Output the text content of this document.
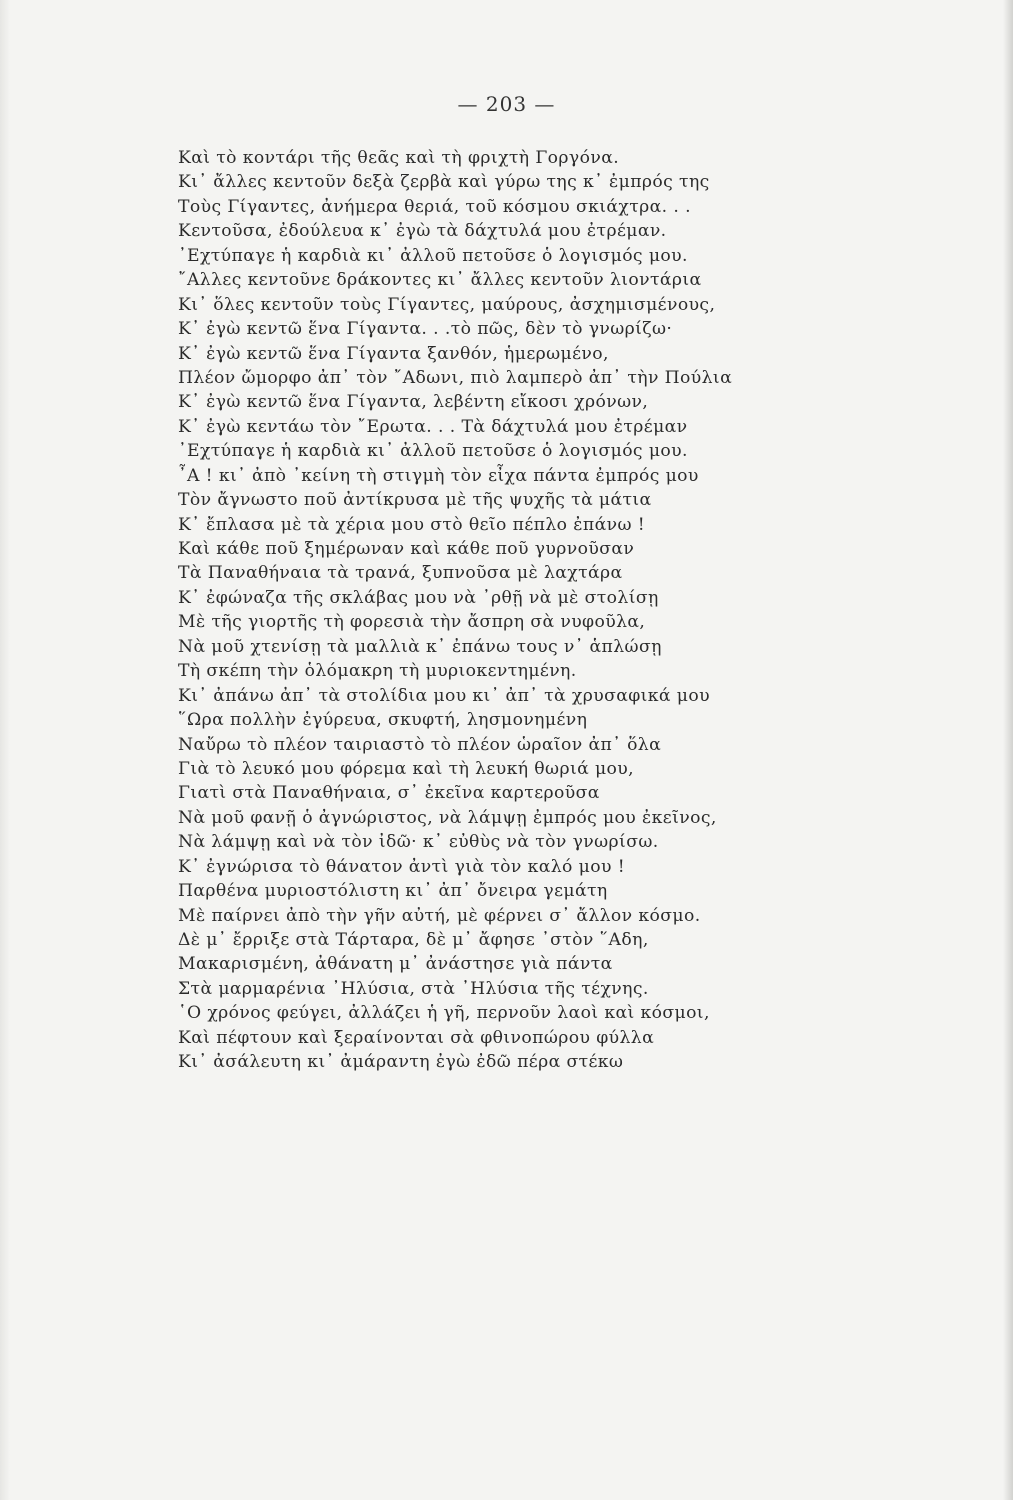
— 203 —
Καὶ τὸ κοντάρι τῆς θεᾶς καὶ τὴ φριχτὴ Γοργόνα.
Κι᾿ ἄλλες κεντοῦν δεξὰ ζερβὰ καὶ γύρω της κ᾿ ἐμπρός της
Τοὺς Γίγαντες, ἀνήμερα θεριά, τοῦ κόσμου σκιάχτρα. . .
Κεντοῦσα, ἐδούλευα κ᾿ ἐγὼ τὰ δάχτυλά μου ἐτρέμαν.
᾿Εχτύπαγε ἡ καρδιὰ κι᾿ ἀλλοῦ πετοῦσε ὁ λογισμός μου.
῎Αλλες κεντοῦνε δράκοντες κι᾿ ἄλλες κεντοῦν λιοντάρια
Κι᾿ ὅλες κεντοῦν τοὺς Γίγαντες, μαύρους, ἀσχημισμένους,
Κ᾿ ἐγὼ κεντῶ ἕνα Γίγαντα. . .τὸ πῶς, δὲν τὸ γνωρίζω·
Κ᾿ ἐγὼ κεντῶ ἕνα Γίγαντα ξανθόν, ἡμερωμένο,
Πλέον ὤμορφο ἀπ᾿ τὸν ῎Αδωνι, πιὸ λαμπερὸ ἀπ᾿ τὴν Πούλια
Κ᾿ ἐγὼ κεντῶ ἕνα Γίγαντα, λεβέντη εἴκοσι χρόνων,
Κ᾿ ἐγὼ κεντάω τὸν ῎Ερωτα. . . Τὰ δάχτυλά μου ἐτρέμαν
᾿Εχτύπαγε ἡ καρδιὰ κι᾿ ἀλλοῦ πετοῦσε ὁ λογισμός μου.
῏Α ! κι᾿ ἀπὸ ᾿κείνη τὴ στιγμὴ τὸν εἶχα πάντα ἐμπρός μου
Τὸν ἄγνωστο ποῦ ἀντίκρυσα μὲ τῆς ψυχῆς τὰ μάτια
Κ᾿ ἔπλασα μὲ τὰ χέρια μου στὸ θεῖο πέπλο ἐπάνω !
Καὶ κάθε ποῦ ξημέρωναν καὶ κάθε ποῦ γυρνοῦσαν
Τὰ Παναθήναια τὰ τρανά, ξυπνοῦσα μὲ λαχτάρα
Κ᾿ ἐφώναζα τῆς σκλάβας μου νὰ ᾿ρθῇ νὰ μὲ στολίσῃ
Μὲ τῆς γιορτῆς τὴ φορεσιὰ τὴν ἄσπρη σὰ νυφοῦλα,
Νὰ μοῦ χτενίσῃ τὰ μαλλιὰ κ᾿ ἐπάνω τους ν᾿ ἁπλώσῃ
Τὴ σκέπη τὴν ὁλόμακρη τὴ μυριοκεντημένη.
Κι᾿ ἀπάνω ἀπ᾿ τὰ στολίδια μου κι᾿ ἀπ᾿ τὰ χρυσαφικά μου
῞Ωρα πολλὴν ἐγύρευα, σκυφτή, λησμονημένη
Ναὔρω τὸ πλέον ταιριαστὸ τὸ πλέον ὡραῖον ἀπ᾿ ὅλα
Γιὰ τὸ λευκό μου φόρεμα καὶ τὴ λευκή θωριά μου,
Γιατὶ στὰ Παναθήναια, σ᾿ ἐκεῖνα καρτεροῦσα
Νὰ μοῦ φανῇ ὁ ἀγνώριστος, νὰ λάμψῃ ἐμπρός μου ἐκεῖνος,
Νὰ λάμψῃ καὶ νὰ τὸν ἰδῶ· κ᾿ εὐθὺς νὰ τὸν γνωρίσω.
Κ᾿ ἐγνώρισα τὸ θάνατον ἀντὶ γιὰ τὸν καλό μου !
Παρθένα μυριοστόλιστη κι᾿ ἀπ᾿ ὄνειρα γεμάτη
Μὲ παίρνει ἀπὸ τὴν γῆν αὐτή, μὲ φέρνει σ᾿ ἄλλον κόσμο.
Δὲ μ᾿ ἔρριξε στὰ Τάρταρα, δὲ μ᾿ ἄφησε ᾿στὸν ῞Αδη,
Μακαρισμένη, ἀθάνατη μ᾿ ἀνάστησε γιὰ πάντα
Στὰ μαρμαρένια ᾿Ηλύσια, στὰ ᾿Ηλύσια τῆς τέχνης.
῾Ο χρόνος φεύγει, ἀλλάζει ἡ γῆ, περνοῦν λαοὶ καὶ κόσμοι,
Καὶ πέφτουν καὶ ξεραίνονται σὰ φθινοπώρου φύλλα
Κι᾿ ἀσάλευτη κι᾿ ἀμάραντη ἐγὼ ἐδῶ πέρα στέκω
